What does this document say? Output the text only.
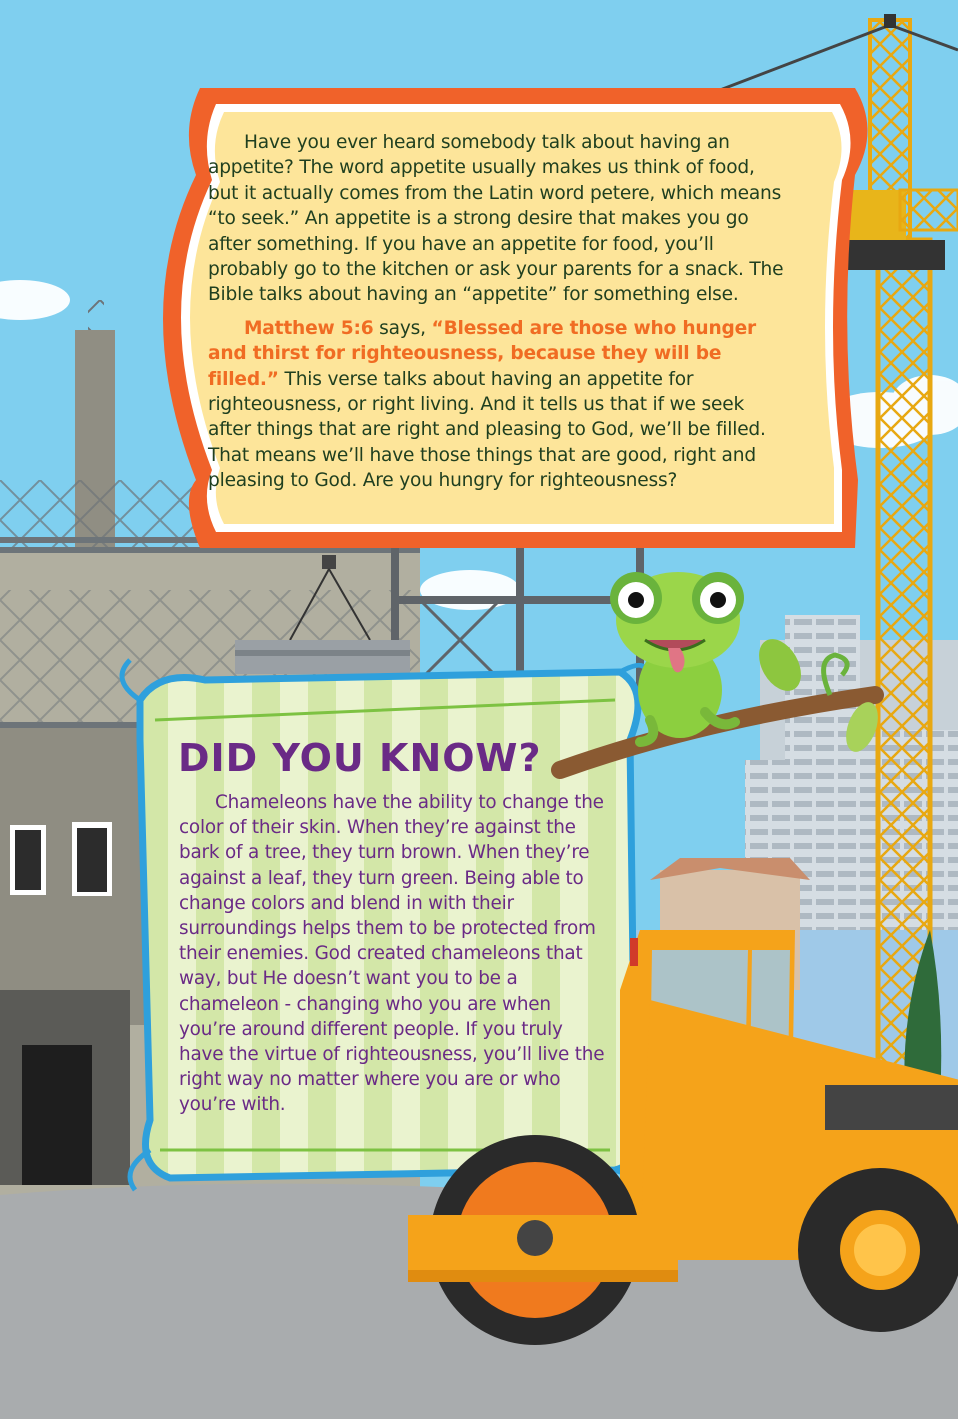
Have you ever heard somebody talk about having an appetite? The word appetite usually makes us think of food, but it actually comes from the Latin word petere, which means “to seek.” An appetite is a strong desire that makes you go after something. If you have an appetite for food, you’ll probably go to the kitchen or ask your parents for a snack. The Bible talks about having an “appetite” for something else.

Matthew 5:6 says, “Blessed are those who hunger and thirst for righteousness, because they will be filled.” This verse talks about having an appetite for righteousness, or right living. And it tells us that if we seek after things that are right and pleasing to God, we’ll be filled. That means we’ll have those things that are good, right and pleasing to God. Are you hungry for righteousness?

DID YOU KNOW?

Chameleons have the ability to change the color of their skin. When they’re against the bark of a tree, they turn brown. When they’re against a leaf, they turn green. Being able to change colors and blend in with their surroundings helps them to be protected from their enemies. God created chameleons that way, but He doesn’t want you to be a chameleon - changing who you are when you’re around different people. If you truly have the virtue of righteousness, you’ll live the right way no matter where you are or who you’re with.
